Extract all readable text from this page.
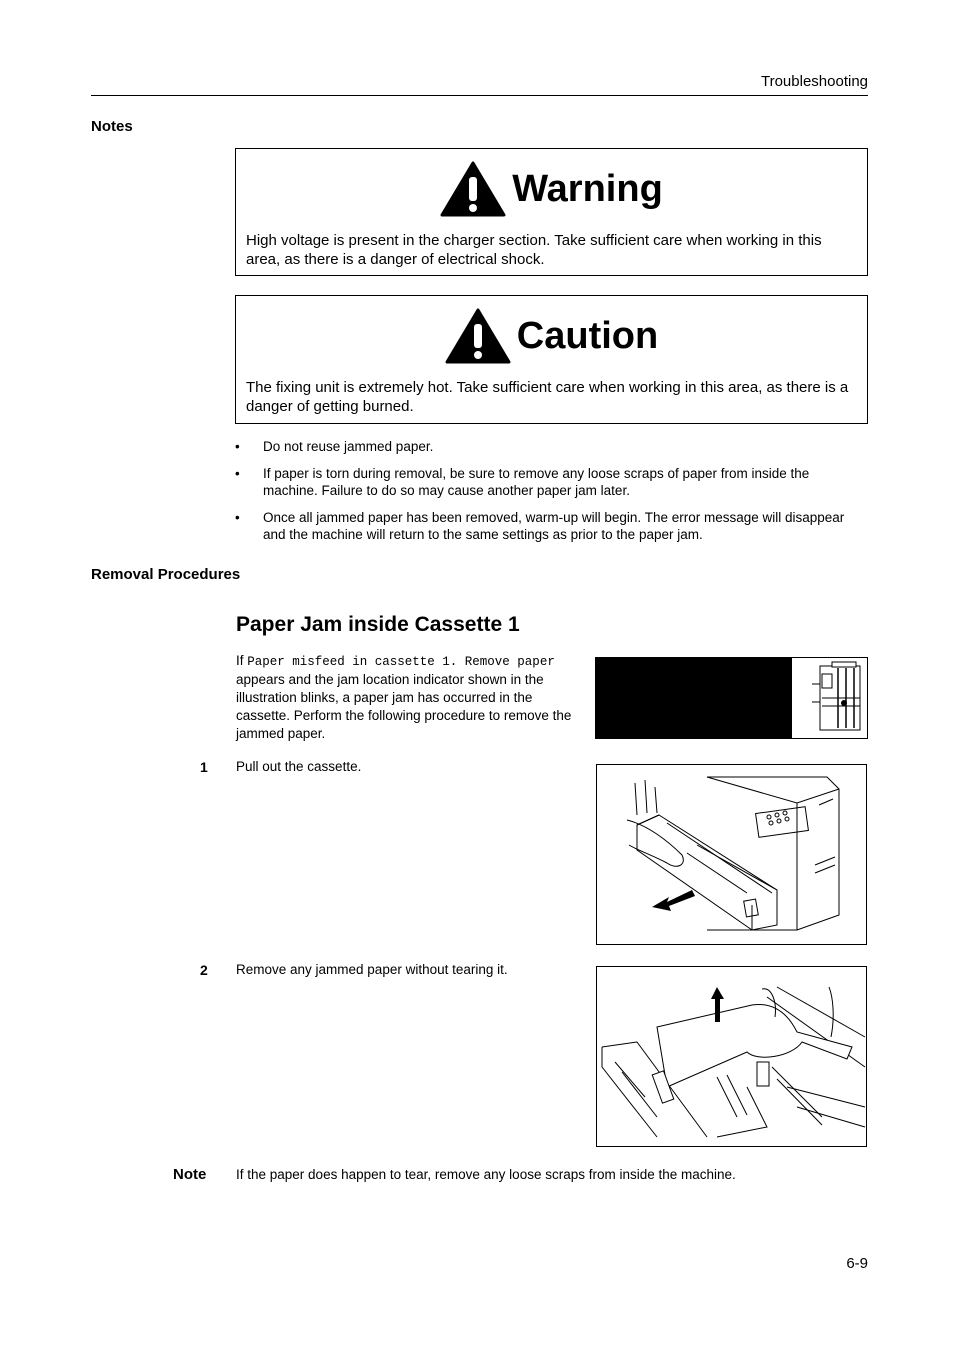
Troubleshooting
Notes
Warning
High voltage is present in the charger section. Take sufficient care when working in this area, as there is a danger of electrical shock.
Caution
The fixing unit is extremely hot. Take sufficient care when working in this area, as there is a danger of getting burned.
• Do not reuse jammed paper.
• If paper is torn during removal, be sure to remove any loose scraps of paper from inside the machine. Failure to do so may cause another paper jam later.
• Once all jammed paper has been removed, warm-up will begin. The error message will disappear and the machine will return to the same settings as prior to the paper jam.
Removal Procedures
Paper Jam inside Cassette 1
If Paper misfeed in cassette 1. Remove paper appears and the jam location indicator shown in the illustration blinks, a paper jam has occurred in the cassette. Perform the following procedure to remove the jammed paper.
1 Pull out the cassette.
2 Remove any jammed paper without tearing it.
Note If the paper does happen to tear, remove any loose scraps from inside the machine.
6-9
